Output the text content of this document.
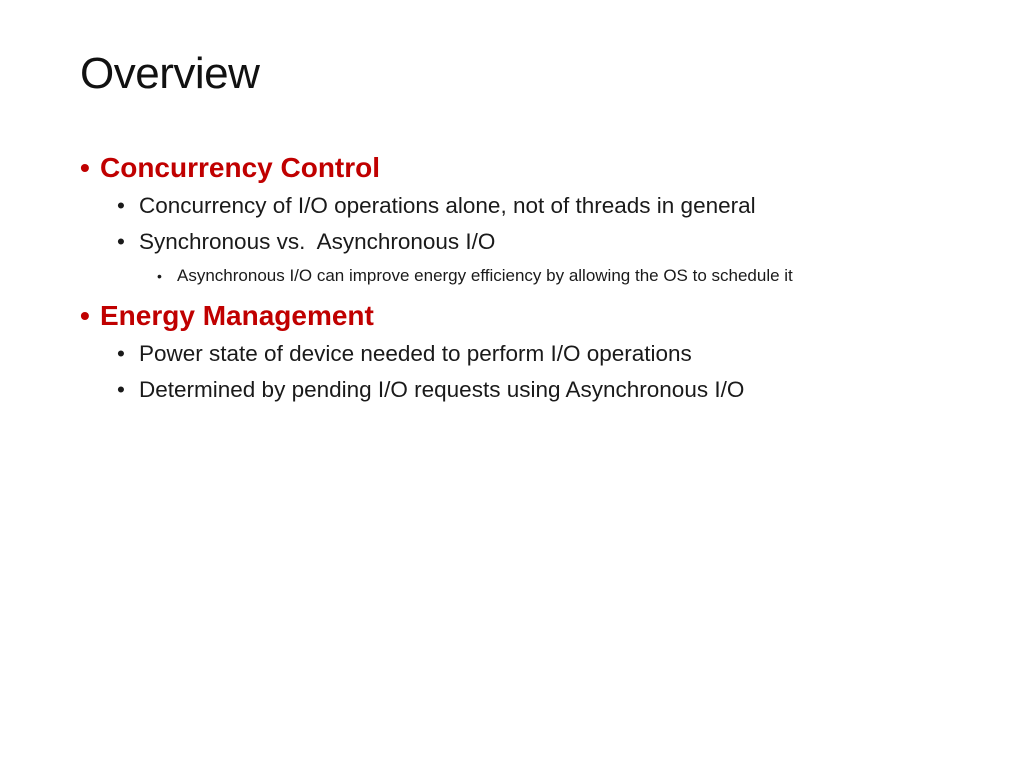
Overview
• Concurrency Control
• Concurrency of I/O operations alone, not of threads in general
• Synchronous vs.  Asynchronous I/O
• Asynchronous I/O can improve energy efficiency by allowing the OS to schedule it
• Energy Management
• Power state of device needed to perform I/O operations
• Determined by pending I/O requests using Asynchronous I/O
